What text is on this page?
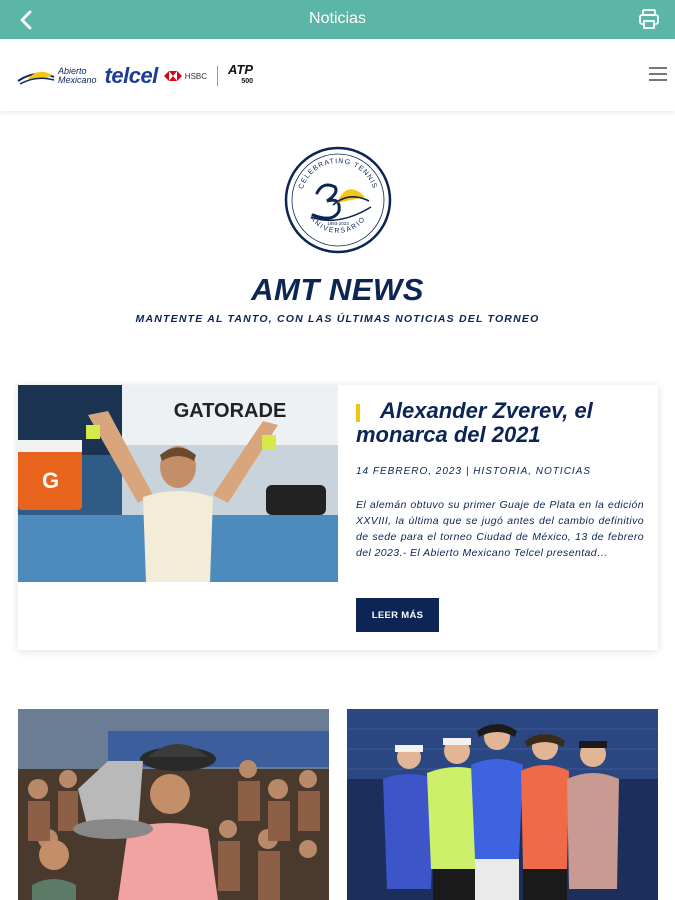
Noticias
Abierto
Mexicano telcel	HSBC ATP
500
CELEBRATING TENNIS
ANIVERSARIO
1993-2023
AMT NEWS
MANTENTE AL TANTO, CON LAS ÚLTIMAS NOTICIAS DEL TORNEO
GATORADE
G
Alexander Zverev, el monarca del 2021
14 FEBRERO, 2023 | HISTORIA, NOTICIAS
El alemán obtuvo su primer Guaje de Plata en la edición XXVIII, la última que se jugó antes del cambio definitivo de sede para el torneo Ciudad de México, 13 de febrero del 2023.- El Abierto Mexicano Telcel presentad…
LEER MÁS
